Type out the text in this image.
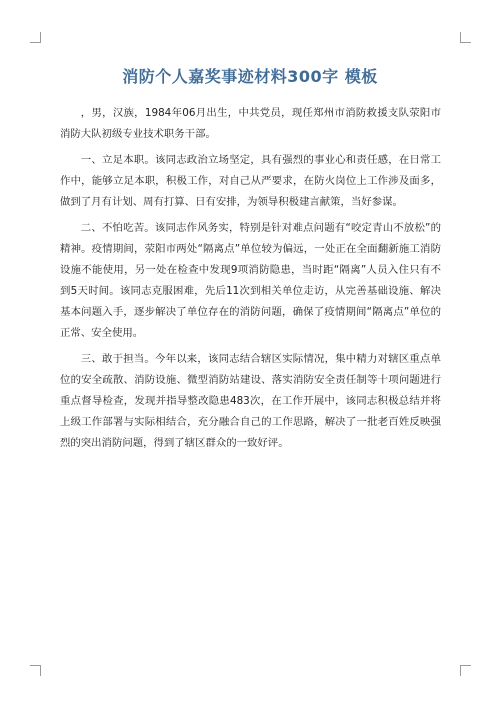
消防个人嘉奖事迹材料300字 模板

，男，汉族，1984年06月出生，中共党员，现任郑州市消防救援支队荥阳市消防大队初级专业技术职务干部。

一、立足本职。该同志政治立场坚定，具有强烈的事业心和责任感，在日常工作中，能够立足本职，积极工作，对自己从严要求，在防火岗位上工作涉及面多，做到了月有计划、周有打算、日有安排，为领导积极建言献策，当好参谋。

二、不怕吃苦。该同志作风务实，特别是针对难点问题有“咬定青山不放松”的精神。疫情期间，荥阳市两处“隔离点”单位较为偏远，一处正在全面翻新施工消防设施不能使用，另一处在检查中发现9项消防隐患，当时距“隔离”人员入住只有不到5天时间。该同志克服困难，先后11次到相关单位走访，从完善基础设施、解决基本问题入手，逐步解决了单位存在的消防问题，确保了疫情期间“隔离点”单位的正常、安全使用。

三、敢于担当。今年以来，该同志结合辖区实际情况，集中精力对辖区重点单位的安全疏散、消防设施、微型消防站建设、落实消防安全责任制等十项问题进行重点督导检查，发现并指导整改隐患483次，在工作开展中，该同志积极总结并将上级工作部署与实际相结合，充分融合自己的工作思路，解决了一批老百姓反映强烈的突出消防问题，得到了辖区群众的一致好评。
